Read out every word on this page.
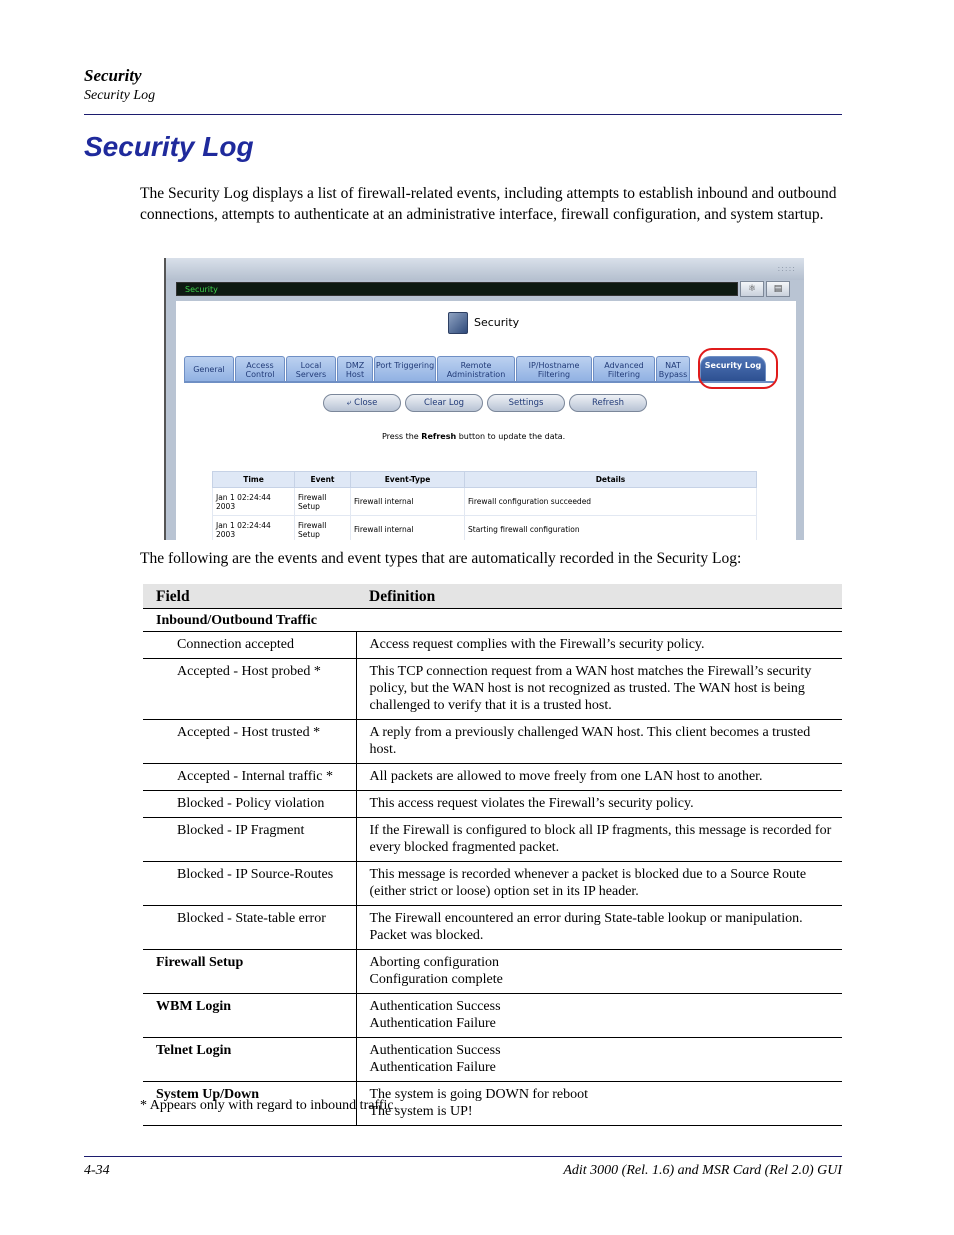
Security
Security Log
Security Log

The Security Log displays a list of firewall-related events, including attempts to establish inbound and outbound connections, attempts to authenticate at an administrative interface, firewall configuration, and system startup.

:::::
Security	⚛	▤
Security
General	Access Control
Local Servers
DMZ Host
Port Triggering	Remote Administration
IP/Hostname Filtering
Advanced Filtering
NAT Bypass
Security Log
⤶ Close	Clear Log	Settings	Refresh
Press the Refresh button to update the data.
Time	Event	Event-Type	Details
Jan 1 02:24:44 2003	Firewall Setup	Firewall internal	Firewall configuration succeeded
Jan 1 02:24:44 2003	Firewall Setup	Firewall internal	Starting firewall configuration

The following are the events and event types that are automatically recorded in the Security Log:

Field	Definition
Inbound/Outbound Traffic	
Connection accepted	Access request complies with the Firewall’s security policy.
Accepted - Host probed *	This TCP connection request from a WAN host matches the Firewall’s security policy, but the WAN host is not recognized as trusted. The WAN host is being challenged to verify that it is a trusted host.
Accepted - Host trusted *	A reply from a previously challenged WAN host. This client becomes a trusted host.
Accepted - Internal traffic *	All packets are allowed to move freely from one LAN host to another.
Blocked - Policy violation	This access request violates the Firewall’s security policy.
Blocked - IP Fragment	If the Firewall is configured to block all IP fragments, this message is recorded for every blocked fragmented packet.
Blocked - IP Source-Routes	This message is recorded whenever a packet is blocked due to a Source Route (either strict or loose) option set in its IP header.
Blocked - State-table error	The Firewall encountered an error during State-table lookup or manipulation. Packet was blocked.
Firewall Setup	Aborting configuration
Configuration complete

WBM Login	Authentication Success
Authentication Failure

Telnet Login	Authentication Success
Authentication Failure

System Up/Down	The system is going DOWN for reboot
The system is UP!

* Appears only with regard to inbound traffic.

4-34	Adit 3000 (Rel. 1.6) and MSR Card (Rel 2.0) GUI
